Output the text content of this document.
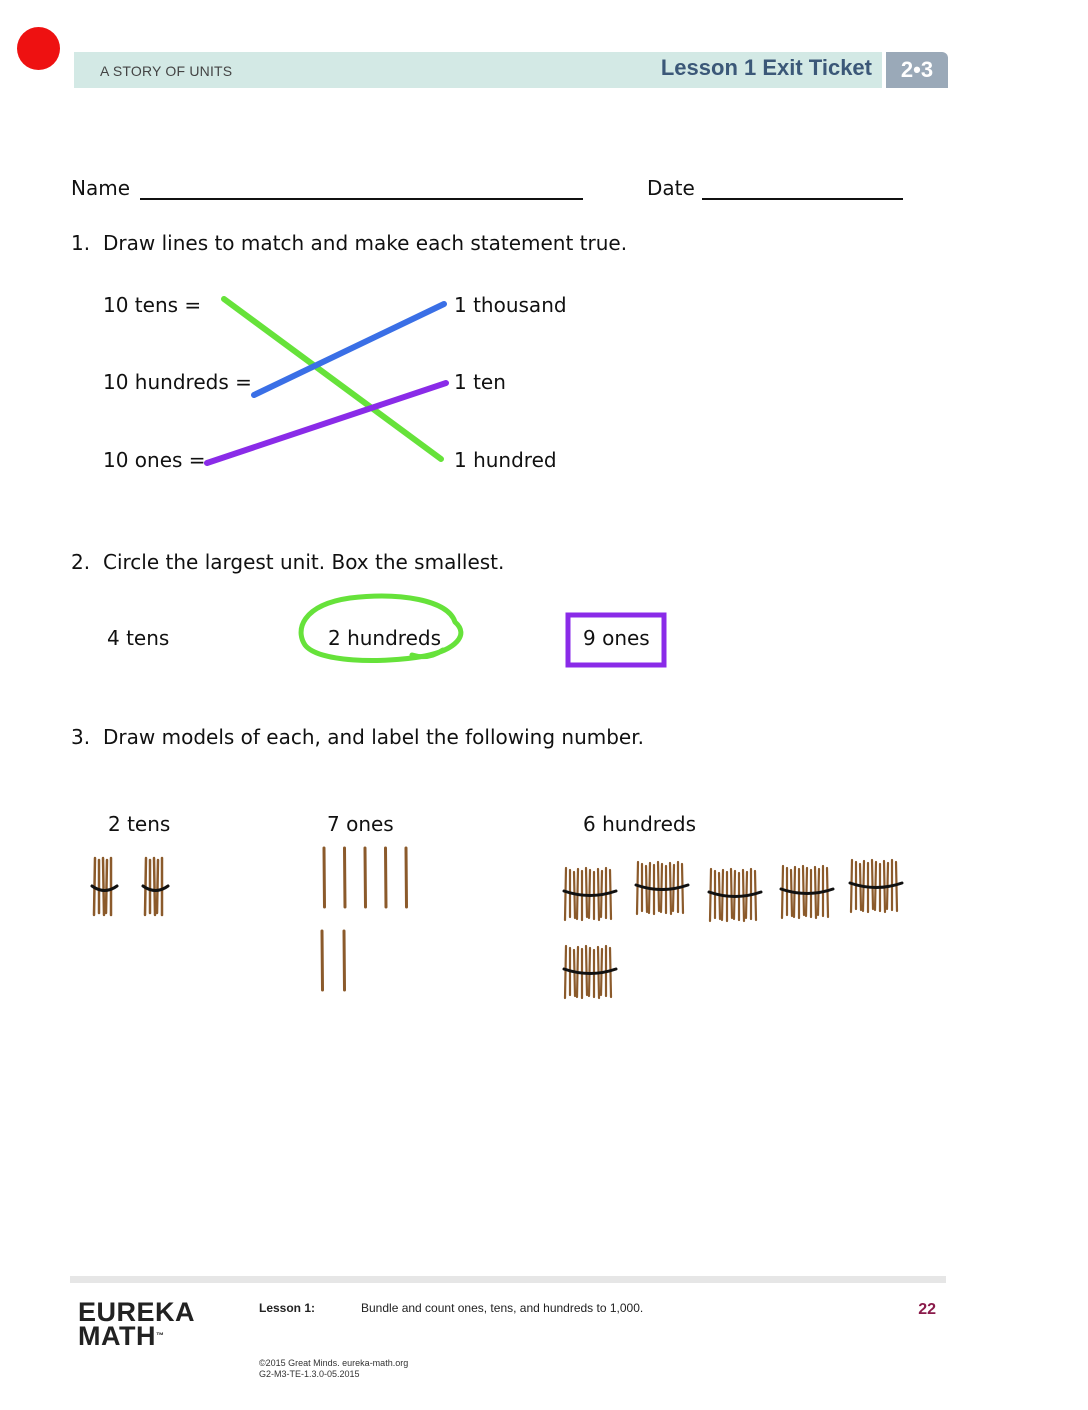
A STORY OF UNITS	Lesson 1 Exit Ticket	2•3
Name	Date
1. Draw lines to match and make each statement true.
10 tens =
10 hundreds =
10 ones =
1 thousand
1 ten
1 hundred
2. Circle the largest unit. Box the smallest.
4 tens	2 hundreds	9 ones
3. Draw models of each, and label the following number.
2 tens	7 ones	6 hundreds
EUREKA
MATH™
Lesson 1:	Bundle and count ones, tens, and hundreds to 1,000.	22
©2015 Great Minds. eureka-math.org
G2-M3-TE-1.3.0-05.2015
